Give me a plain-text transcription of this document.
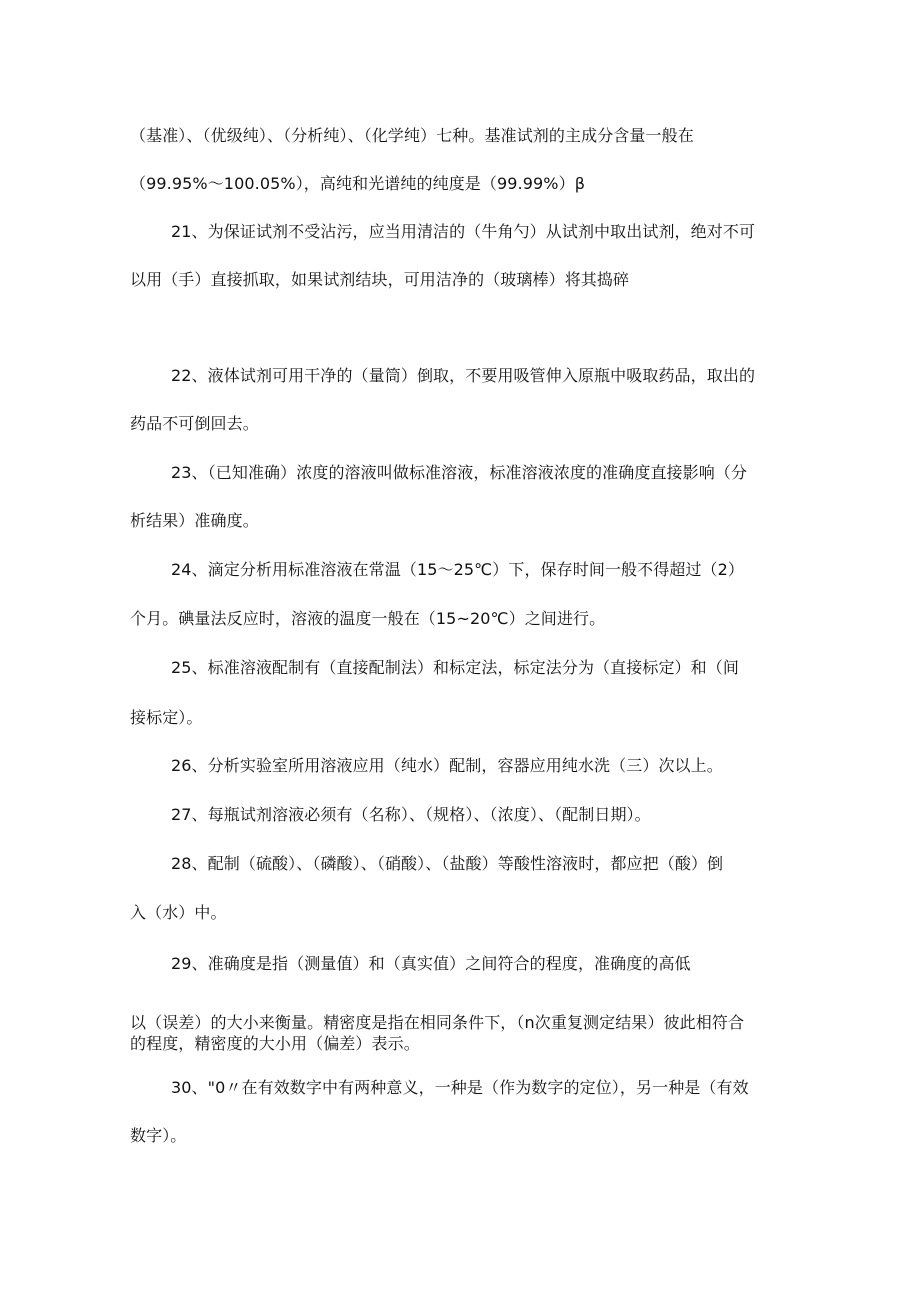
（基准）、（优级纯）、（分析纯）、（化学纯）七种。基准试剂的主成分含量一般在
（99.95%～100.05%），高纯和光谱纯的纯度是（99.99%）β
21、为保证试剂不受沾污，应当用清洁的（牛角勺）从试剂中取出试剂，绝对不可
以用（手）直接抓取，如果试剂结块，可用洁净的（玻璃棒）将其捣碎
22、液体试剂可用干净的（量筒）倒取，不要用吸管伸入原瓶中吸取药品，取出的
药品不可倒回去。
23、（已知准确）浓度的溶液叫做标准溶液，标准溶液浓度的准确度直接影响（分
析结果）准确度。
24、滴定分析用标准溶液在常温（15～25℃）下，保存时间一般不得超过（2）
个月。碘量法反应时，溶液的温度一般在（15~20℃）之间进行。
25、标准溶液配制有（直接配制法）和标定法，标定法分为（直接标定）和（间
接标定）。
26、分析实验室所用溶液应用（纯水）配制，容器应用纯水洗（三）次以上。
27、每瓶试剂溶液必须有（名称）、（规格）、（浓度）、（配制日期）。
28、配制（硫酸）、（磷酸）、（硝酸）、（盐酸）等酸性溶液时，都应把（酸）倒
入（水）中。
29、准确度是指（测量值）和（真实值）之间符合的程度，准确度的高低
以（误差）的大小来衡量。精密度是指在相同条件下，（n次重复测定结果）彼此相符合
的程度，精密度的大小用（偏差）表示。
30、"0〃在有效数字中有两种意义，一种是（作为数字的定位），另一种是（有效
数字）。
